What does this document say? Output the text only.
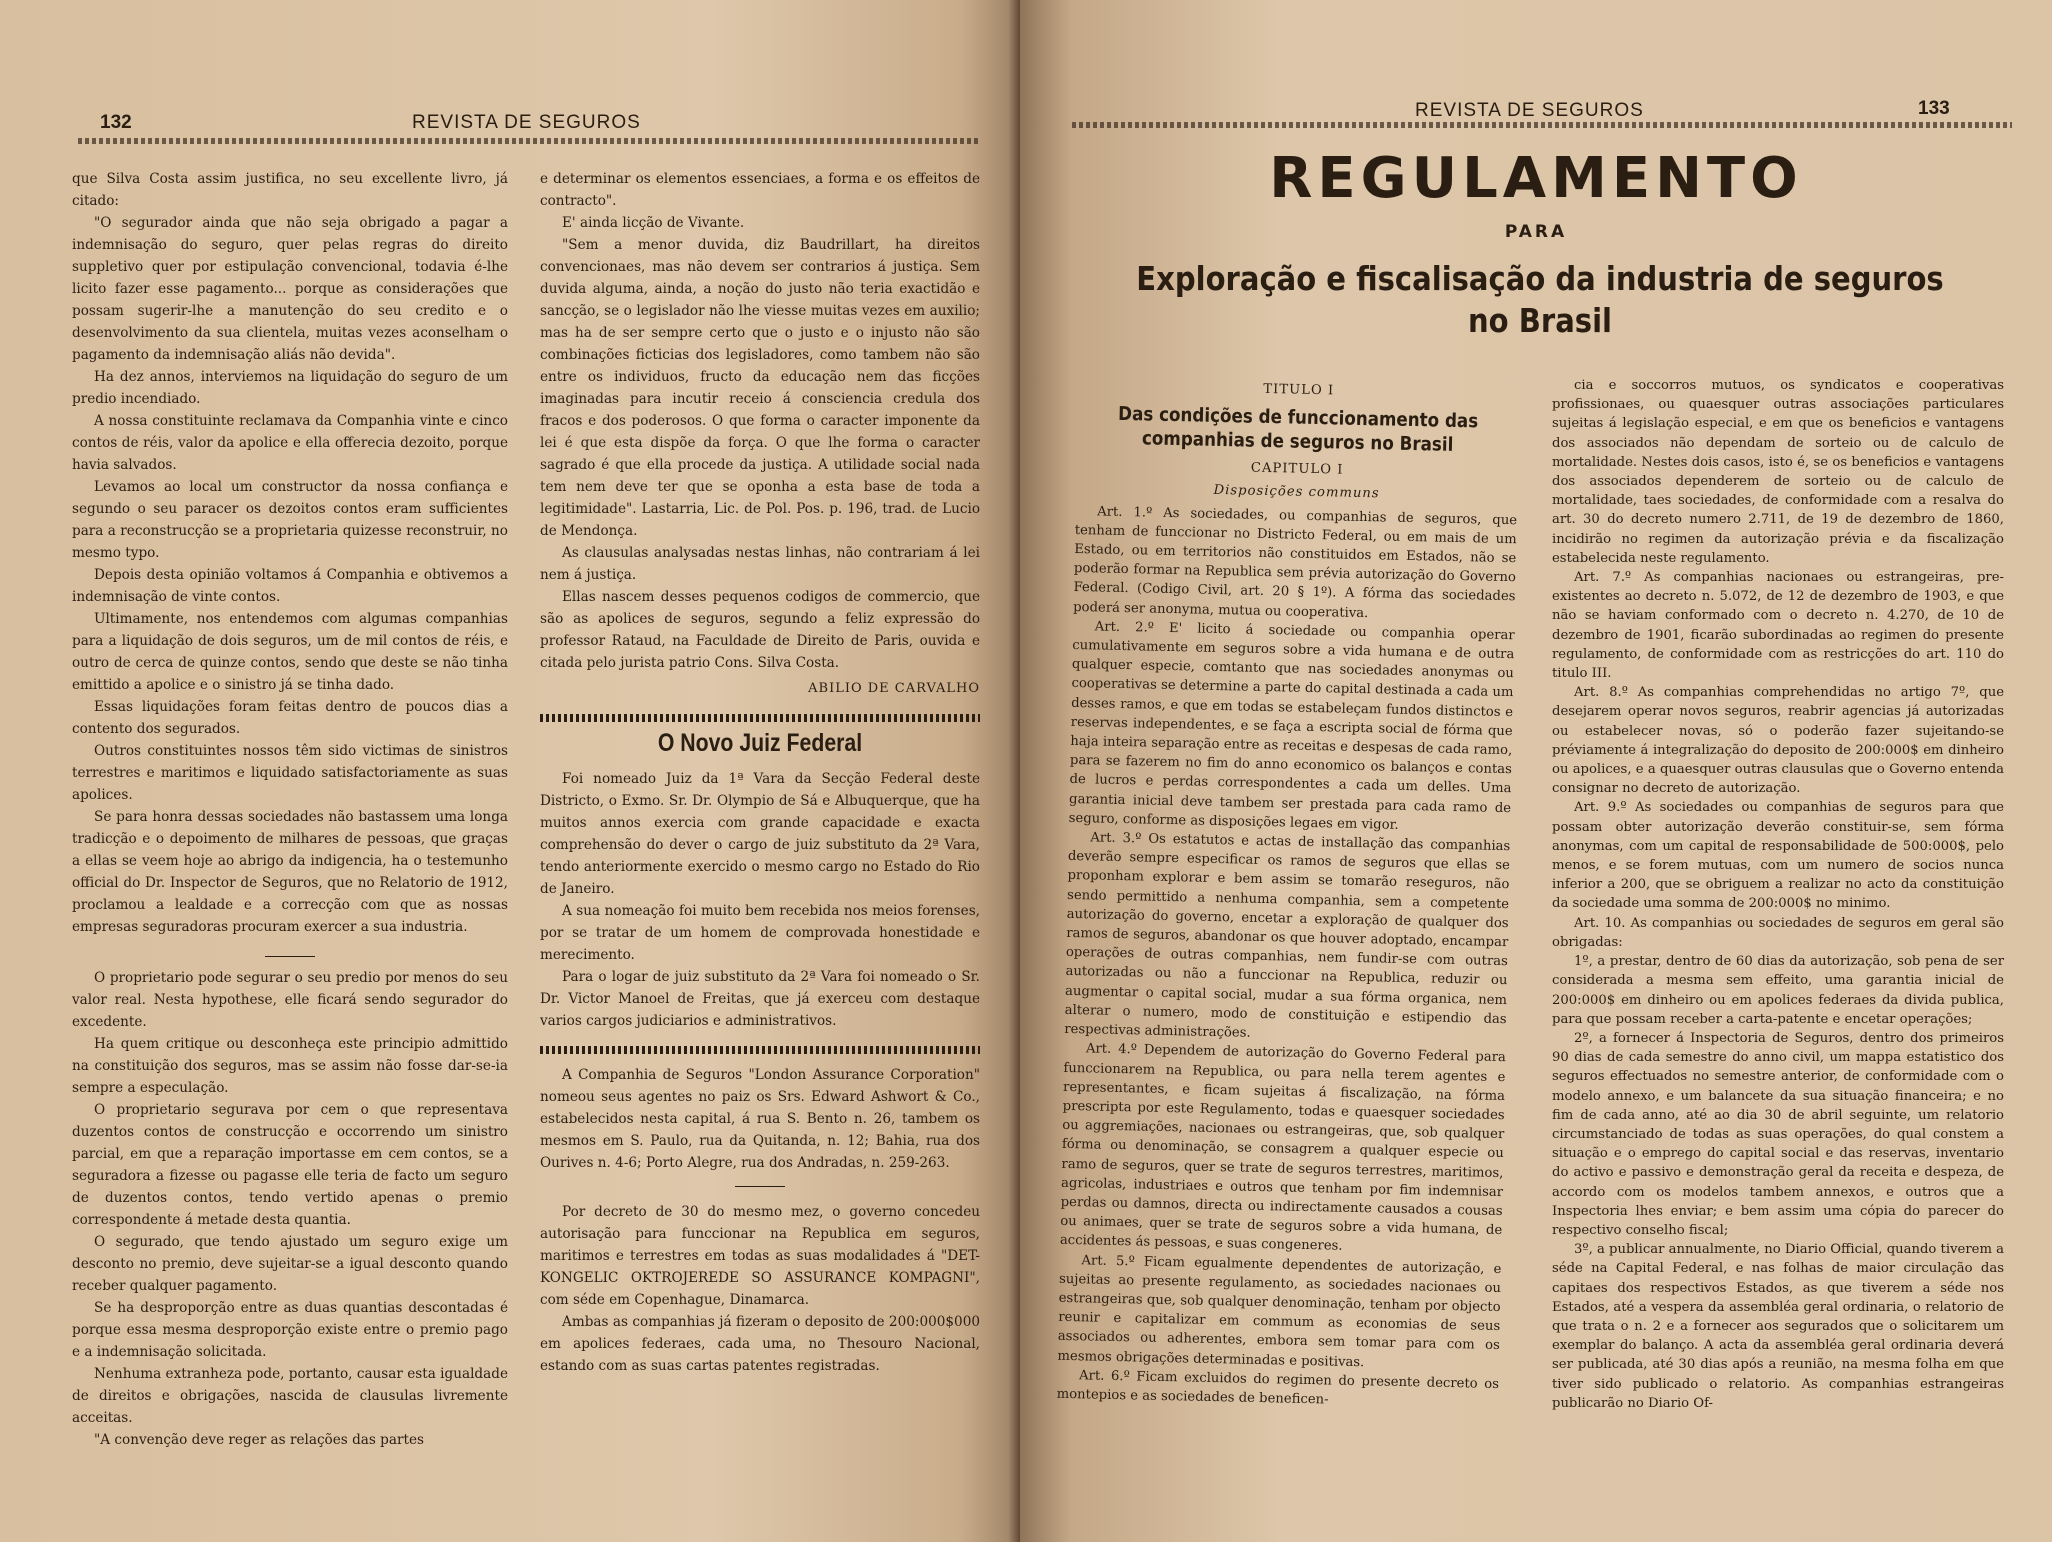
132	REVISTA DE SEGUROS

que Silva Costa assim justifica, no seu excellente livro, já citado:

"O segurador ainda que não seja obrigado a pagar a indemnisação do seguro, quer pelas regras do direito suppletivo quer por estipulação convencional, todavia é-lhe licito fazer esse pagamento... porque as considerações que possam sugerir-lhe a manutenção do seu credito e o desenvolvimento da sua clientela, muitas vezes aconselham o pagamento da indemnisação aliás não devida".

Ha dez annos, interviemos na liquidação do seguro de um predio incendiado.

A nossa constituinte reclamava da Companhia vinte e cinco contos de réis, valor da apolice e ella offerecia dezoito, porque havia salvados.

Levamos ao local um constructor da nossa confiança e segundo o seu paracer os dezoitos contos eram sufficientes para a reconstrucção se a proprietaria quizesse reconstruir, no mesmo typo.

Depois desta opinião voltamos á Companhia e obtivemos a indemnisação de vinte contos.

Ultimamente, nos entendemos com algumas companhias para a liquidação de dois seguros, um de mil contos de réis, e outro de cerca de quinze contos, sendo que deste se não tinha emittido a apolice e o sinistro já se tinha dado.

Essas liquidações foram feitas dentro de poucos dias a contento dos segurados.

Outros constituintes nossos têm sido victimas de sinistros terrestres e maritimos e liquidado satisfactoriamente as suas apolices.

Se para honra dessas sociedades não bastassem uma longa tradicção e o depoimento de milhares de pessoas, que graças a ellas se veem hoje ao abrigo da indigencia, ha o testemunho official do Dr. Inspector de Seguros, que no Relatorio de 1912, proclamou a lealdade e a correcção com que as nossas empresas seguradoras procuram exercer a sua industria.

O proprietario pode segurar o seu predio por menos do seu valor real. Nesta hypothese, elle ficará sendo segurador do excedente.

Ha quem critique ou desconheça este principio admittido na constituição dos seguros, mas se assim não fosse dar-se-ia sempre a especulação.

O proprietario segurava por cem o que representava duzentos contos de construcção e occorrendo um sinistro parcial, em que a reparação importasse em cem contos, se a seguradora a fizesse ou pagasse elle teria de facto um seguro de duzentos contos, tendo vertido apenas o premio correspondente á metade desta quantia.

O segurado, que tendo ajustado um seguro exige um desconto no premio, deve sujeitar-se a igual desconto quando receber qualquer pagamento.

Se ha desproporção entre as duas quantias descontadas é porque essa mesma desproporção existe entre o premio pago e a indemnisação solicitada.

Nenhuma extranheza pode, portanto, causar esta igualdade de direitos e obrigações, nascida de clausulas livremente acceitas.

"A convenção deve reger as relações das partes

e determinar os elementos essenciaes, a forma e os effeitos de contracto".

E' ainda licção de Vivante.

"Sem a menor duvida, diz Baudrillart, ha direitos convencionaes, mas não devem ser contrarios á justiça. Sem duvida alguma, ainda, a noção do justo não teria exactidão e sancção, se o legislador não lhe viesse muitas vezes em auxilio; mas ha de ser sempre certo que o justo e o injusto não são combinações ficticias dos legisladores, como tambem não são entre os individuos, fructo da educação nem das ficções imaginadas para incutir receio á consciencia credula dos fracos e dos poderosos. O que forma o caracter imponente da lei é que esta dispõe da força. O que lhe forma o caracter sagrado é que ella procede da justiça. A utilidade social nada tem nem deve ter que se oponha a esta base de toda a legitimidade". Lastarria, Lic. de Pol. Pos. p. 196, trad. de Lucio de Mendonça.

As clausulas analysadas nestas linhas, não contrariam á lei nem á justiça.

Ellas nascem desses pequenos codigos de commercio, que são as apolices de seguros, segundo a feliz expressão do professor Rataud, na Faculdade de Direito de Paris, ouvida e citada pelo jurista patrio Cons. Silva Costa.

ABILIO DE CARVALHO
O Novo Juiz Federal

Foi nomeado Juiz da 1ª Vara da Secção Federal deste Districto, o Exmo. Sr. Dr. Olympio de Sá e Albuquerque, que ha muitos annos exercia com grande capacidade e exacta comprehensão do dever o cargo de juiz substituto da 2ª Vara, tendo anteriormente exercido o mesmo cargo no Estado do Rio de Janeiro.

A sua nomeação foi muito bem recebida nos meios forenses, por se tratar de um homem de comprovada honestidade e merecimento.

Para o logar de juiz substituto da 2ª Vara foi nomeado o Sr. Dr. Victor Manoel de Freitas, que já exerceu com destaque varios cargos judiciarios e administrativos.

A Companhia de Seguros "London Assurance Corporation" nomeou seus agentes no paiz os Srs. Edward Ashwort & Co., estabelecidos nesta capital, á rua S. Bento n. 26, tambem os mesmos em S. Paulo, rua da Quitanda, n. 12; Bahia, rua dos Ourives n. 4-6; Porto Alegre, rua dos Andradas, n. 259-263.

Por decreto de 30 do mesmo mez, o governo concedeu autorisação para funccionar na Republica em seguros, maritimos e terrestres em todas as suas modalidades á "DET-KONGELIC OKTROJEREDE SO ASSURANCE KOMPAGNI", com séde em Copenhague, Dinamarca.

Ambas as companhias já fizeram o deposito de 200:000$000 em apolices federaes, cada uma, no Thesouro Nacional, estando com as suas cartas patentes registradas.

REVISTA DE SEGUROS	133
REGULAMENTO
PARA
Exploração e fiscalisação da industria de seguros no Brasil
TITULO I
Das condições de funccionamento das companhias de seguros no Brasil
CAPITULO I
Disposições communs

Art. 1.º As sociedades, ou companhias de seguros, que tenham de funccionar no Districto Federal, ou em mais de um Estado, ou em territorios não constituidos em Estados, não se poderão formar na Republica sem prévia autorização do Governo Federal. (Codigo Civil, art. 20 § 1º). A fórma das sociedades poderá ser anonyma, mutua ou cooperativa.

Art. 2.º E' licito á sociedade ou companhia operar cumulativamente em seguros sobre a vida humana e de outra qualquer especie, comtanto que nas sociedades anonymas ou cooperativas se determine a parte do capital destinada a cada um desses ramos, e que em todas se estabeleçam fundos distinctos e reservas independentes, e se faça a escripta social de fórma que haja inteira separação entre as receitas e despesas de cada ramo, para se fazerem no fim do anno economico os balanços e contas de lucros e perdas correspondentes a cada um delles. Uma garantia inicial deve tambem ser prestada para cada ramo de seguro, conforme as disposições legaes em vigor.

Art. 3.º Os estatutos e actas de installação das companhias deverão sempre especificar os ramos de seguros que ellas se proponham explorar e bem assim se tomarão reseguros, não sendo permittido a nenhuma companhia, sem a competente autorização do governo, encetar a exploração de qualquer dos ramos de seguros, abandonar os que houver adoptado, encampar operações de outras companhias, nem fundir-se com outras autorizadas ou não a funccionar na Republica, reduzir ou augmentar o capital social, mudar a sua fórma organica, nem alterar o numero, modo de constituição e estipendio das respectivas administrações.

Art. 4.º Dependem de autorização do Governo Federal para funccionarem na Republica, ou para nella terem agentes e representantes, e ficam sujeitas á fiscalização, na fórma prescripta por este Regulamento, todas e quaesquer sociedades ou aggremiações, nacionaes ou estrangeiras, que, sob qualquer fórma ou denominação, se consagrem a qualquer especie ou ramo de seguros, quer se trate de seguros terrestres, maritimos, agricolas, industriaes e outros que tenham por fim indemnisar perdas ou damnos, directa ou indirectamente causados a cousas ou animaes, quer se trate de seguros sobre a vida humana, de accidentes ás pessoas, e suas congeneres.

Art. 5.º Ficam egualmente dependentes de autorização, e sujeitas ao presente regulamento, as sociedades nacionaes ou estrangeiras que, sob qualquer denominação, tenham por objecto reunir e capitalizar em commum as economias de seus associados ou adherentes, embora sem tomar para com os mesmos obrigações determinadas e positivas.

Art. 6.º Ficam excluidos do regimen do presente decreto os montepios e as sociedades de beneficen-

cia e soccorros mutuos, os syndicatos e cooperativas profissionaes, ou quaesquer outras associações particulares sujeitas á legislação especial, e em que os beneficios e vantagens dos associados não dependam de sorteio ou de calculo de mortalidade. Nestes dois casos, isto é, se os beneficios e vantagens dos associados dependerem de sorteio ou de calculo de mortalidade, taes sociedades, de conformidade com a resalva do art. 30 do decreto numero 2.711, de 19 de dezembro de 1860, incidirão no regimen da autorização prévia e da fiscalização estabelecida neste regulamento.

Art. 7.º As companhias nacionaes ou estrangeiras, pre-existentes ao decreto n. 5.072, de 12 de dezembro de 1903, e que não se haviam conformado com o decreto n. 4.270, de 10 de dezembro de 1901, ficarão subordinadas ao regimen do presente regulamento, de conformidade com as restricções do art. 110 do titulo III.

Art. 8.º As companhias comprehendidas no artigo 7º, que desejarem operar novos seguros, reabrir agencias já autorizadas ou estabelecer novas, só o poderão fazer sujeitando-se préviamente á integralização do deposito de 200:000$ em dinheiro ou apolices, e a quaesquer outras clausulas que o Governo entenda consignar no decreto de autorização.

Art. 9.º As sociedades ou companhias de seguros para que possam obter autorização deverão constituir-se, sem fórma anonymas, com um capital de responsabilidade de 500:000$, pelo menos, e se forem mutuas, com um numero de socios nunca inferior a 200, que se obriguem a realizar no acto da constituição da sociedade uma somma de 200:000$ no minimo.

Art. 10. As companhias ou sociedades de seguros em geral são obrigadas:

1º, a prestar, dentro de 60 dias da autorização, sob pena de ser considerada a mesma sem effeito, uma garantia inicial de 200:000$ em dinheiro ou em apolices federaes da divida publica, para que possam receber a carta-patente e encetar operações;

2º, a fornecer á Inspectoria de Seguros, dentro dos primeiros 90 dias de cada semestre do anno civil, um mappa estatistico dos seguros effectuados no semestre anterior, de conformidade com o modelo annexo, e um balancete da sua situação financeira; e no fim de cada anno, até ao dia 30 de abril seguinte, um relatorio circumstanciado de todas as suas operações, do qual constem a situação e o emprego do capital social e das reservas, inventario do activo e passivo e demonstração geral da receita e despeza, de accordo com os modelos tambem annexos, e outros que a Inspectoria lhes enviar; e bem assim uma cópia do parecer do respectivo conselho fiscal;

3º, a publicar annualmente, no Diario Official, quando tiverem a séde na Capital Federal, e nas folhas de maior circulação das capitaes dos respectivos Estados, as que tiverem a séde nos Estados, até a vespera da assembléa geral ordinaria, o relatorio de que trata o n. 2 e a fornecer aos segurados que o solicitarem um exemplar do balanço. A acta da assembléa geral ordinaria deverá ser publicada, até 30 dias após a reunião, na mesma folha em que tiver sido publicado o relatorio. As companhias estrangeiras publicarão no Diario Of-
